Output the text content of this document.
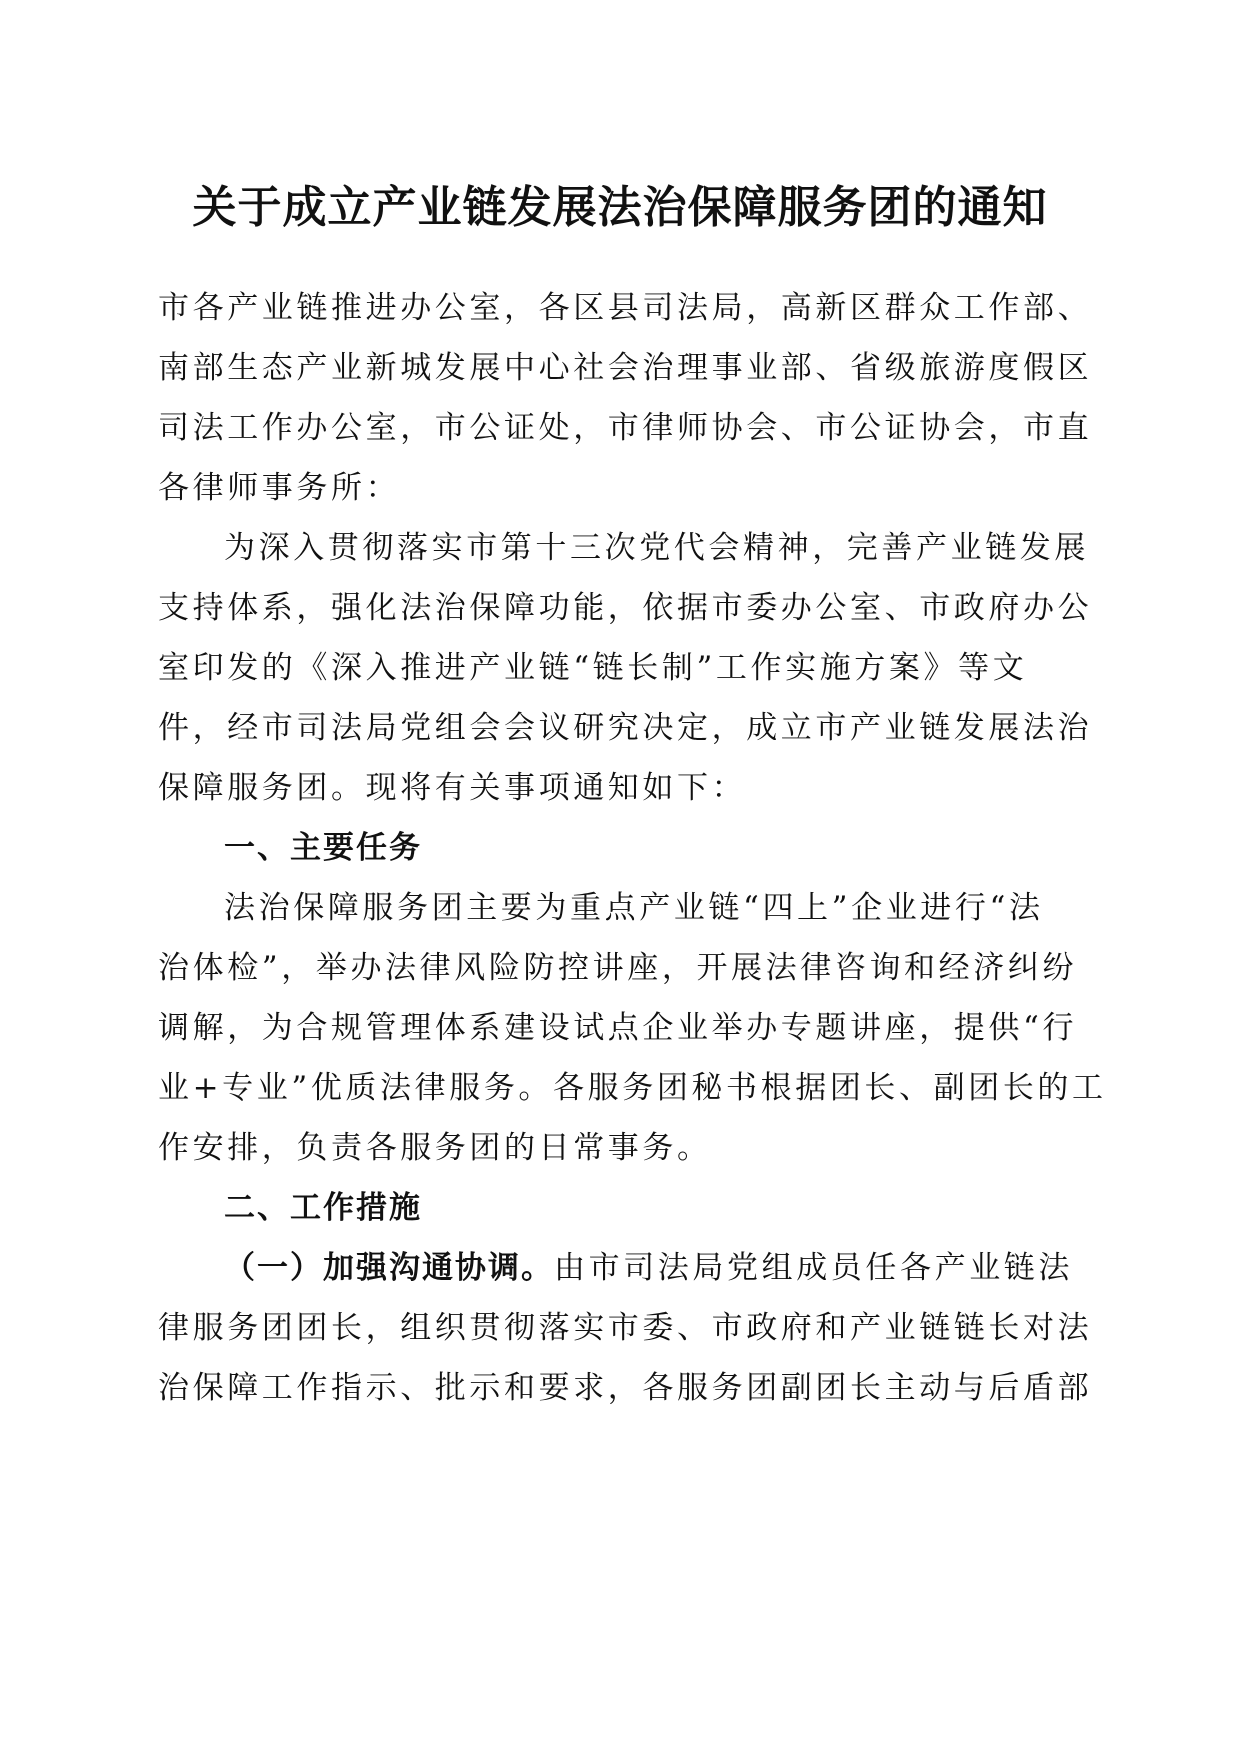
关于成立产业链发展法治保障服务团的通知
市各产业链推进办公室，各区县司法局，高新区群众工作部、
南部生态产业新城发展中心社会治理事业部、省级旅游度假区
司法工作办公室，市公证处，市律师协会、市公证协会，市直
各律师事务所：
为深入贯彻落实市第十三次党代会精神，完善产业链发展
支持体系，强化法治保障功能，依据市委办公室、市政府办公
室印发的《深入推进产业链“链长制”工作实施方案》等文
件，经市司法局党组会会议研究决定，成立市产业链发展法治
保障服务团。现将有关事项通知如下：
一、主要任务
法治保障服务团主要为重点产业链“四上”企业进行“法
治体检”，举办法律风险防控讲座，开展法律咨询和经济纠纷
调解，为合规管理体系建设试点企业举办专题讲座，提供“行
业+专业”优质法律服务。各服务团秘书根据团长、副团长的工
作安排，负责各服务团的日常事务。
二、工作措施
（一）加强沟通协调。由市司法局党组成员任各产业链法
律服务团团长，组织贯彻落实市委、市政府和产业链链长对法
治保障工作指示、批示和要求，各服务团副团长主动与后盾部
